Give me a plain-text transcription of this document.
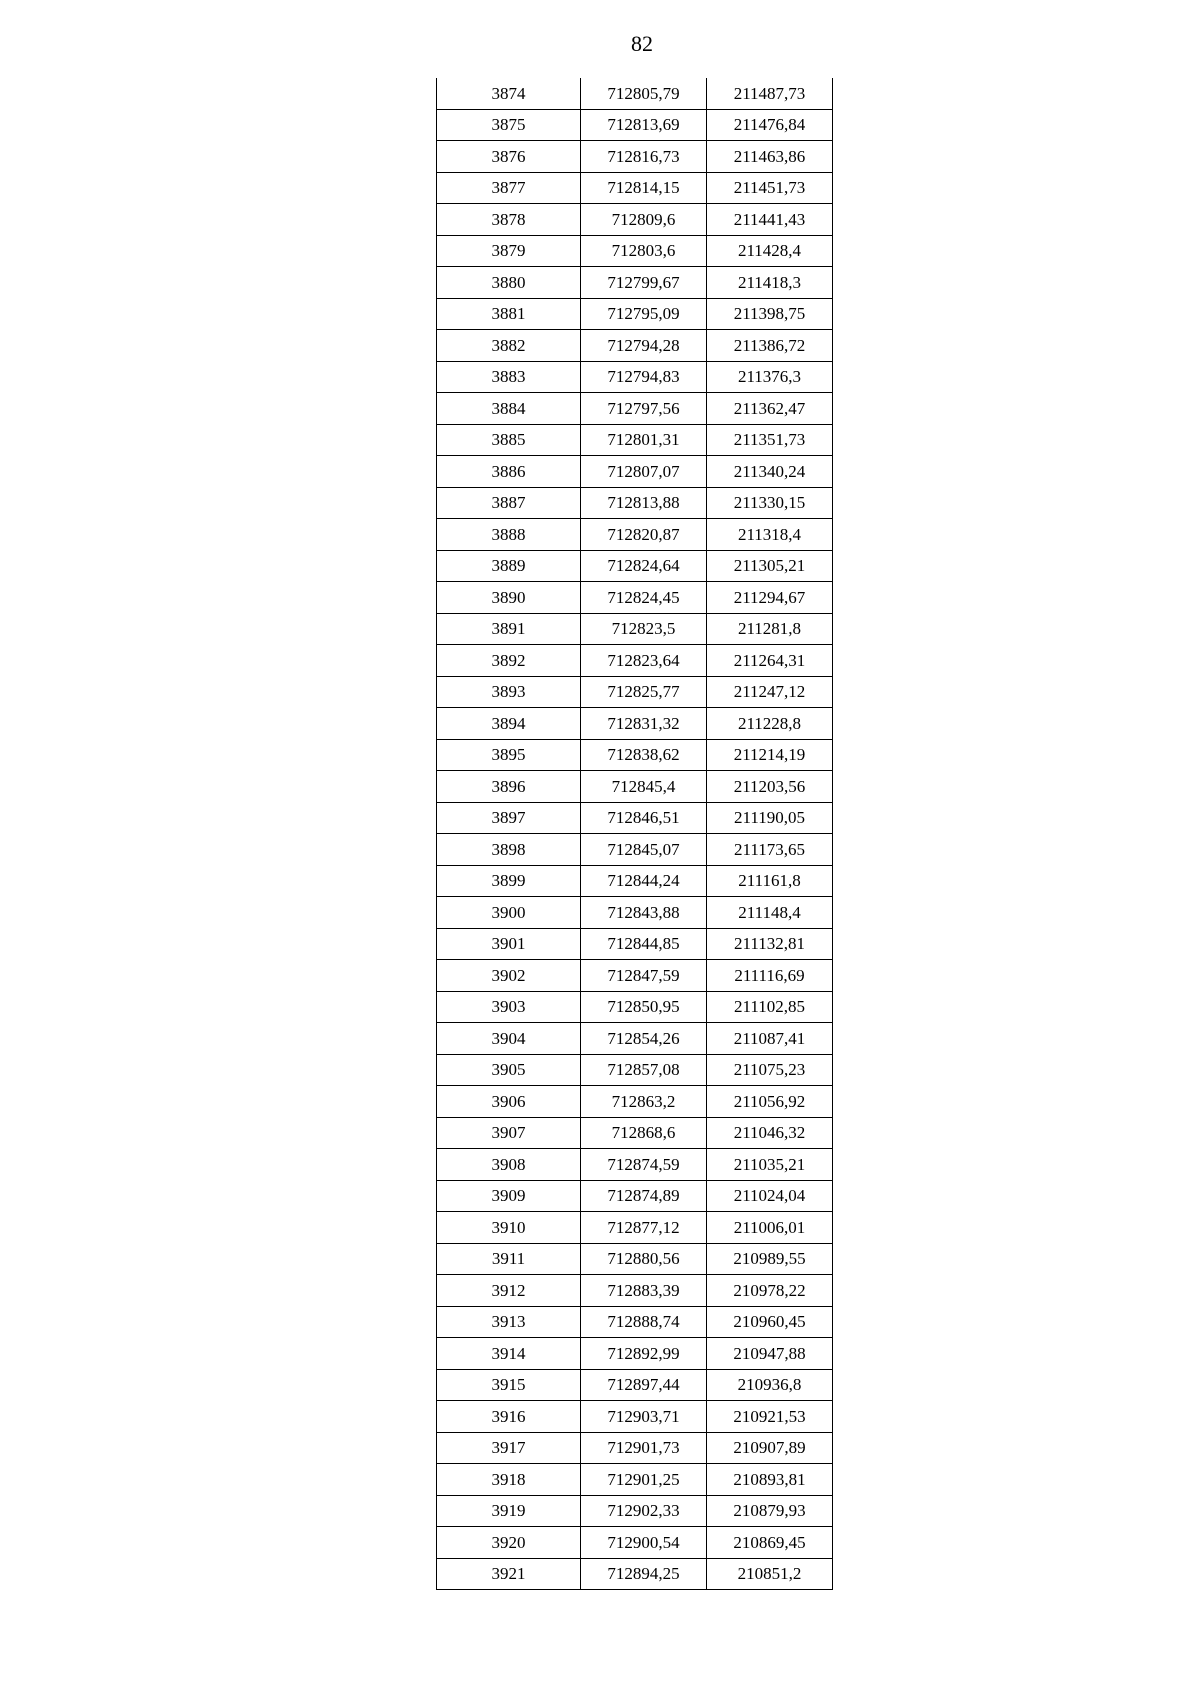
82
3874	712805,79	211487,73
3875	712813,69	211476,84
3876	712816,73	211463,86
3877	712814,15	211451,73
3878	712809,6	211441,43
3879	712803,6	211428,4
3880	712799,67	211418,3
3881	712795,09	211398,75
3882	712794,28	211386,72
3883	712794,83	211376,3
3884	712797,56	211362,47
3885	712801,31	211351,73
3886	712807,07	211340,24
3887	712813,88	211330,15
3888	712820,87	211318,4
3889	712824,64	211305,21
3890	712824,45	211294,67
3891	712823,5	211281,8
3892	712823,64	211264,31
3893	712825,77	211247,12
3894	712831,32	211228,8
3895	712838,62	211214,19
3896	712845,4	211203,56
3897	712846,51	211190,05
3898	712845,07	211173,65
3899	712844,24	211161,8
3900	712843,88	211148,4
3901	712844,85	211132,81
3902	712847,59	211116,69
3903	712850,95	211102,85
3904	712854,26	211087,41
3905	712857,08	211075,23
3906	712863,2	211056,92
3907	712868,6	211046,32
3908	712874,59	211035,21
3909	712874,89	211024,04
3910	712877,12	211006,01
3911	712880,56	210989,55
3912	712883,39	210978,22
3913	712888,74	210960,45
3914	712892,99	210947,88
3915	712897,44	210936,8
3916	712903,71	210921,53
3917	712901,73	210907,89
3918	712901,25	210893,81
3919	712902,33	210879,93
3920	712900,54	210869,45
3921	712894,25	210851,2
